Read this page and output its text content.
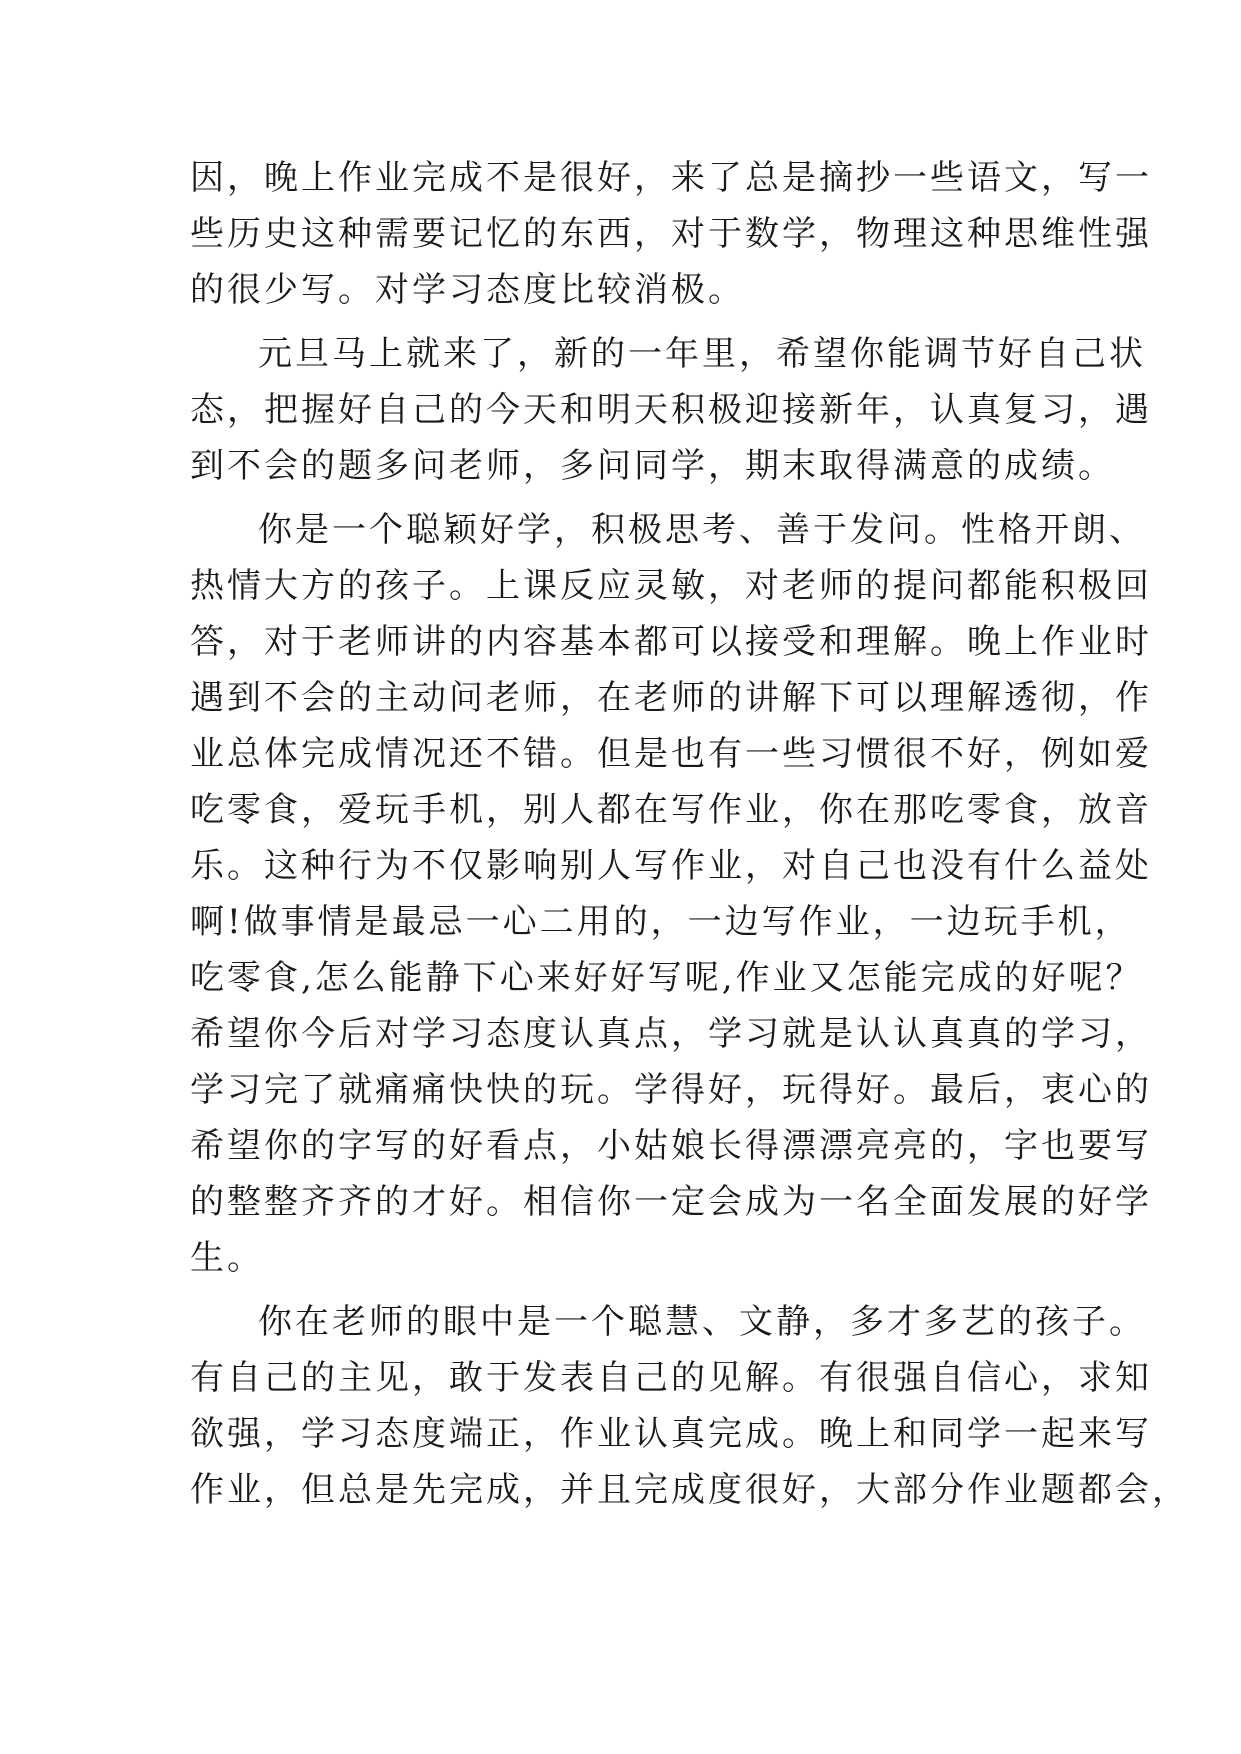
因，晚上作业完成不是很好，来了总是摘抄一些语文，写一
些历史这种需要记忆的东西，对于数学，物理这种思维性强
的很少写。对学习态度比较消极。
元旦马上就来了，新的一年里，希望你能调节好自己状
态，把握好自己的今天和明天积极迎接新年，认真复习，遇
到不会的题多问老师，多问同学，期末取得满意的成绩。
你是一个聪颖好学，积极思考、善于发问。性格开朗、
热情大方的孩子。上课反应灵敏，对老师的提问都能积极回
答，对于老师讲的内容基本都可以接受和理解。晚上作业时
遇到不会的主动问老师，在老师的讲解下可以理解透彻，作
业总体完成情况还不错。但是也有一些习惯很不好，例如爱
吃零食，爱玩手机，别人都在写作业，你在那吃零食，放音
乐。这种行为不仅影响别人写作业，对自己也没有什么益处
啊!做事情是最忌一心二用的，一边写作业，一边玩手机，
吃零食,怎么能静下心来好好写呢,作业又怎能完成的好呢？
希望你今后对学习态度认真点，学习就是认认真真的学习，
学习完了就痛痛快快的玩。学得好，玩得好。最后，衷心的
希望你的字写的好看点，小姑娘长得漂漂亮亮的，字也要写
的整整齐齐的才好。相信你一定会成为一名全面发展的好学
生。
你在老师的眼中是一个聪慧、文静，多才多艺的孩子。
有自己的主见，敢于发表自己的见解。有很强自信心，求知
欲强，学习态度端正，作业认真完成。晚上和同学一起来写
作业，但总是先完成，并且完成度很好，大部分作业题都会，
